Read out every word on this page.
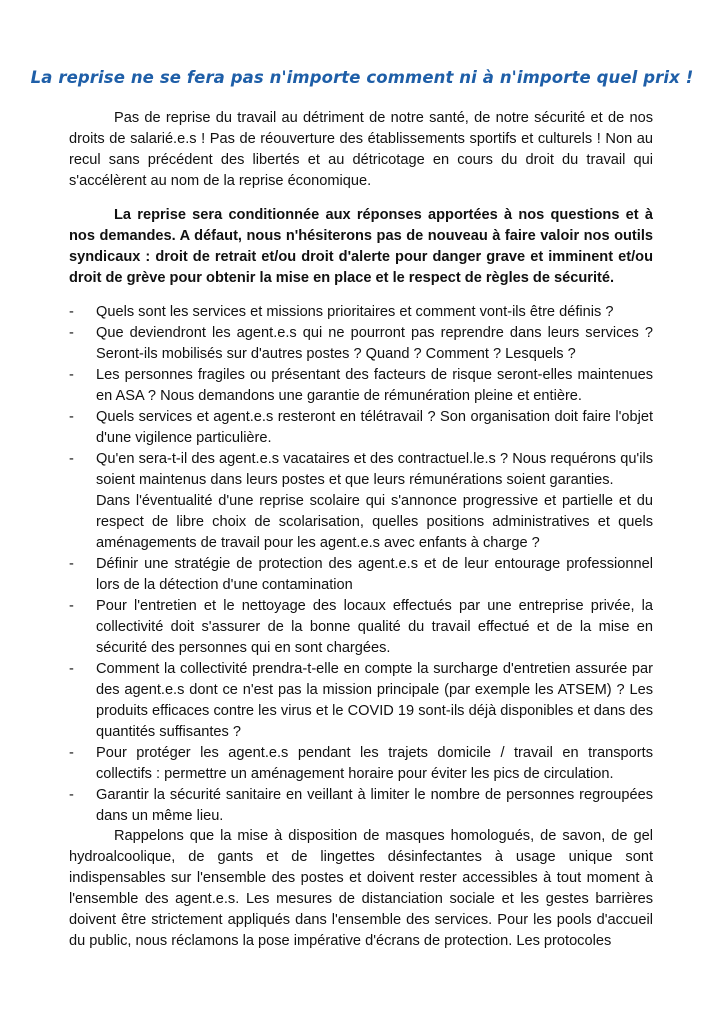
La reprise ne se fera pas n'importe comment ni à n'importe quel prix !
Pas de reprise du travail au détriment de notre santé, de notre sécurité et de nos droits de salarié.e.s ! Pas de réouverture des établissements sportifs et culturels ! Non au recul sans précédent des libertés et au détricotage en cours du droit du travail qui s'accélèrent au nom de la reprise économique.
La reprise sera conditionnée aux réponses apportées à nos questions et à nos demandes. A défaut, nous n'hésiterons pas de nouveau à faire valoir nos outils syndicaux : droit de retrait et/ou droit d'alerte pour danger grave et imminent et/ou droit de grève pour obtenir la mise en place et le respect de règles de sécurité.
- Quels sont les services et missions prioritaires et comment vont-ils être définis ?
- Que deviendront les agent.e.s qui ne pourront pas reprendre dans leurs services ? Seront-ils mobilisés sur d'autres postes ? Quand ? Comment ? Lesquels ?
- Les personnes fragiles ou présentant des facteurs de risque seront-elles maintenues en ASA ? Nous demandons une garantie de rémunération pleine et entière.
- Quels services et agent.e.s resteront en télétravail ? Son organisation doit faire l'objet d'une vigilence particulière.
- Qu'en sera-t-il des agent.e.s vacataires et des contractuel.le.s ? Nous requérons qu'ils soient maintenus dans leurs postes et que leurs rémunérations soient garanties.
Dans l'éventualité d'une reprise scolaire qui s'annonce progressive et partielle et du respect de libre choix de scolarisation, quelles positions administratives et quels aménagements de travail pour les agent.e.s avec enfants à charge ?
- Définir une stratégie de protection des agent.e.s et de leur entourage professionnel lors de la détection d'une contamination
- Pour l'entretien et le nettoyage des locaux effectués par une entreprise privée, la collectivité doit s'assurer de la bonne qualité du travail effectué et de la mise en sécurité des personnes qui en sont chargées.
- Comment la collectivité prendra-t-elle en compte la surcharge d'entretien assurée par des agent.e.s dont ce n'est pas la mission principale (par exemple les ATSEM) ? Les produits efficaces contre les virus et le COVID 19 sont-ils déjà disponibles et dans des quantités suffisantes ?
- Pour protéger les agent.e.s pendant les trajets domicile / travail en transports collectifs : permettre un aménagement horaire pour éviter les pics de circulation.
- Garantir la sécurité sanitaire en veillant à limiter le nombre de personnes regroupées dans un même lieu.
Rappelons que la mise à disposition de masques homologués, de savon, de gel hydroalcoolique, de gants et de lingettes désinfectantes à usage unique sont indispensables sur l'ensemble des postes et doivent rester accessibles à tout moment à l'ensemble des agent.e.s. Les mesures de distanciation sociale et les gestes barrières doivent être strictement appliqués dans l'ensemble des services. Pour les pools d'accueil du public, nous réclamons la pose impérative d'écrans de protection. Les protocoles
